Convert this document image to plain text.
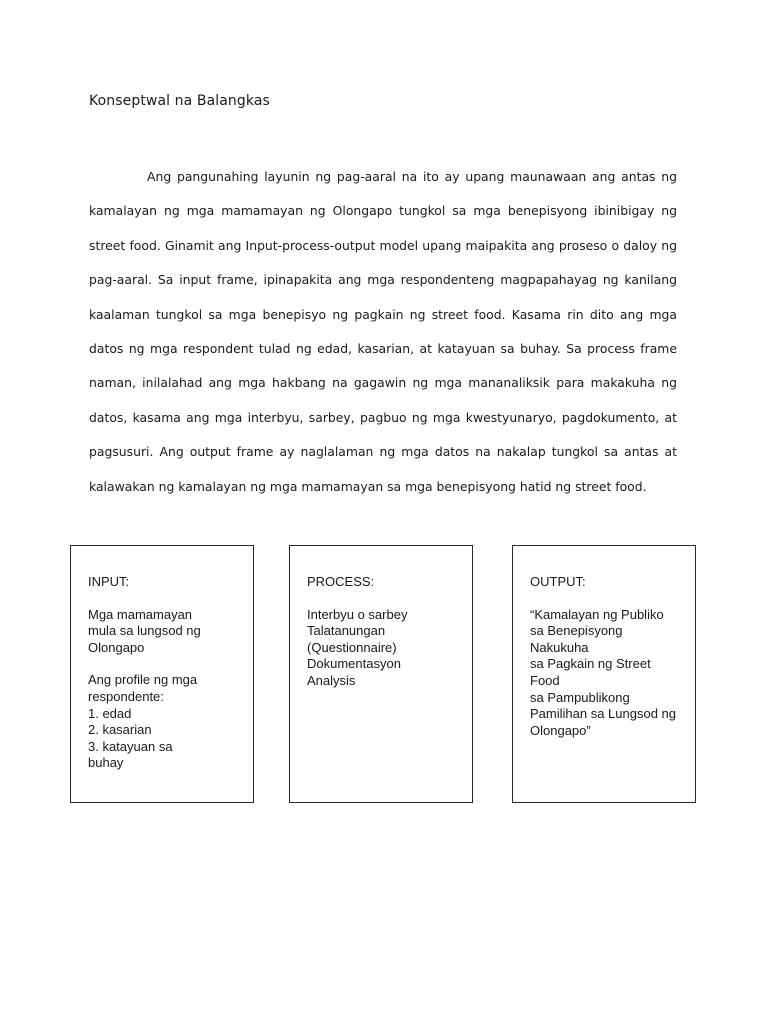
Konseptwal na Balangkas

Ang pangunahing layunin ng pag-aaral na ito ay upang maunawaan ang antas ng kamalayan ng mga mamamayan ng Olongapo tungkol sa mga benepisyong ibinibigay ng street food. Ginamit ang Input-process-output model upang maipakita ang proseso o daloy ng pag-aaral. Sa input frame, ipinapakita ang mga respondenteng magpapahayag ng kanilang kaalaman tungkol sa mga benepisyo ng pagkain ng street food. Kasama rin dito ang mga datos ng mga respondent tulad ng edad, kasarian, at katayuan sa buhay. Sa process frame naman, inilalahad ang mga hakbang na gagawin ng mga mananaliksik para makakuha ng datos, kasama ang mga interbyu, sarbey, pagbuo ng mga kwestyunaryo, pagdokumento, at pagsusuri. Ang output frame ay naglalaman ng mga datos na nakalap tungkol sa antas at kalawakan ng kamalayan ng mga mamamayan sa mga benepisyong hatid ng street food.

INPUT:
Mga mamamayan
mula sa lungsod ng
Olongapo
Ang profile ng mga
respondente:
1. edad
2. kasarian
3. katayuan sa
buhay
PROCESS:
Interbyu o sarbey
Talatanungan
(Questionnaire)
Dokumentasyon
Analysis
OUTPUT:
“Kamalayan ng Publiko
sa Benepisyong Nakukuha
sa Pagkain ng Street Food
sa Pampublikong
Pamilihan sa Lungsod ng
Olongapo”
